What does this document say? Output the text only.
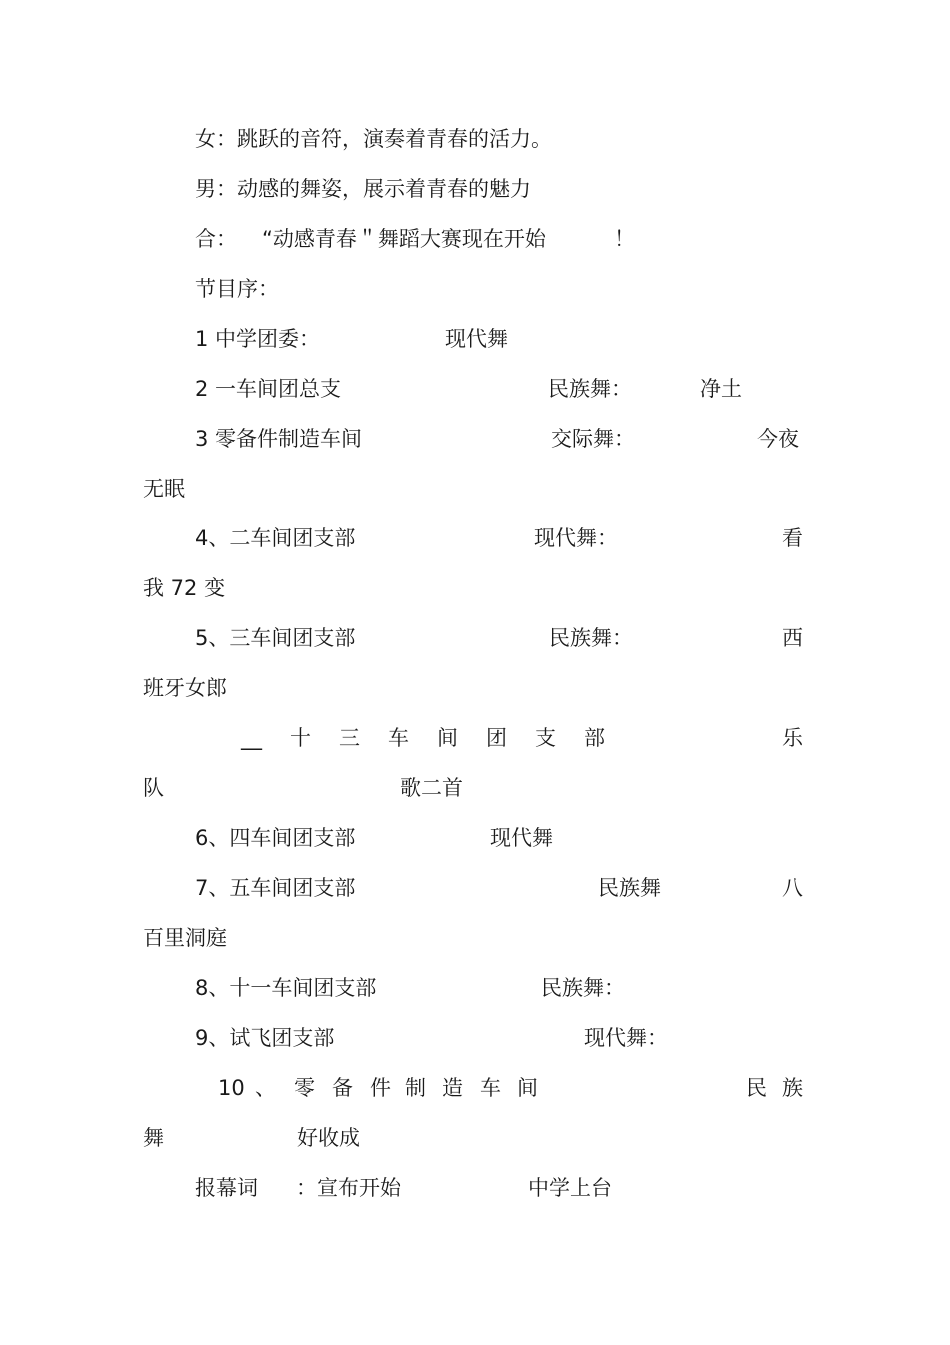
女：跳跃的音符，演奏着青春的活力。
男：动感的舞姿，展示着青春的魅力
合： “动感青春＂舞蹈大赛现在开始	！
节目序：
1 中学团委：	现代舞
2 一车间团总支	民族舞：	净土
3 零备件制造车间	交际舞：	今夜
无眠
4、二车间团支部	现代舞：	看
我 72 变
5、三车间团支部	民族舞：	西
班牙女郎
__ 十 三 车 间 团 支 部	乐
队	歌二首
6、四车间团支部	现代舞
7、五车间团支部	民族舞	八
百里洞庭
8、十一车间团支部	民族舞：
9、试飞团支部	现代舞：
10 、 零 备 件 制 造 车 间	民 族
舞	好收成
报幕词 ：宣布开始	中学上台
